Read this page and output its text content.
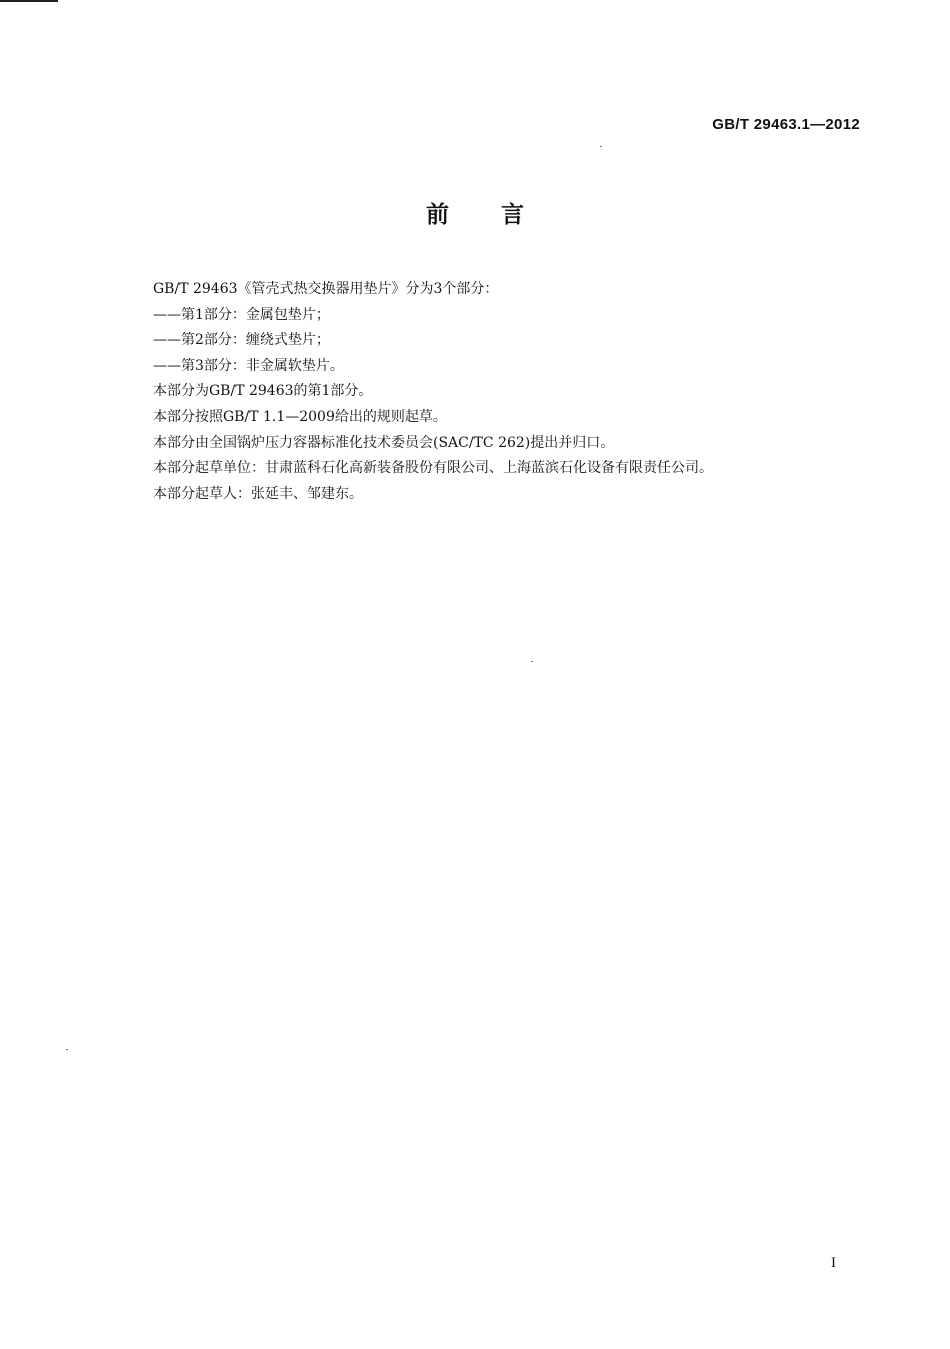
GB/T 29463.1—2012
前言
GB/T 29463《管壳式热交换器用垫片》分为3个部分：
——第1部分：金属包垫片；
——第2部分：缠绕式垫片；
——第3部分：非金属软垫片。
本部分为GB/T 29463的第1部分。
本部分按照GB/T 1.1—2009给出的规则起草。
本部分由全国锅炉压力容器标准化技术委员会(SAC/TC 262)提出并归口。
本部分起草单位：甘肃蓝科石化高新装备股份有限公司、上海蓝滨石化设备有限责任公司。
本部分起草人：张延丰、邹建东。
I
